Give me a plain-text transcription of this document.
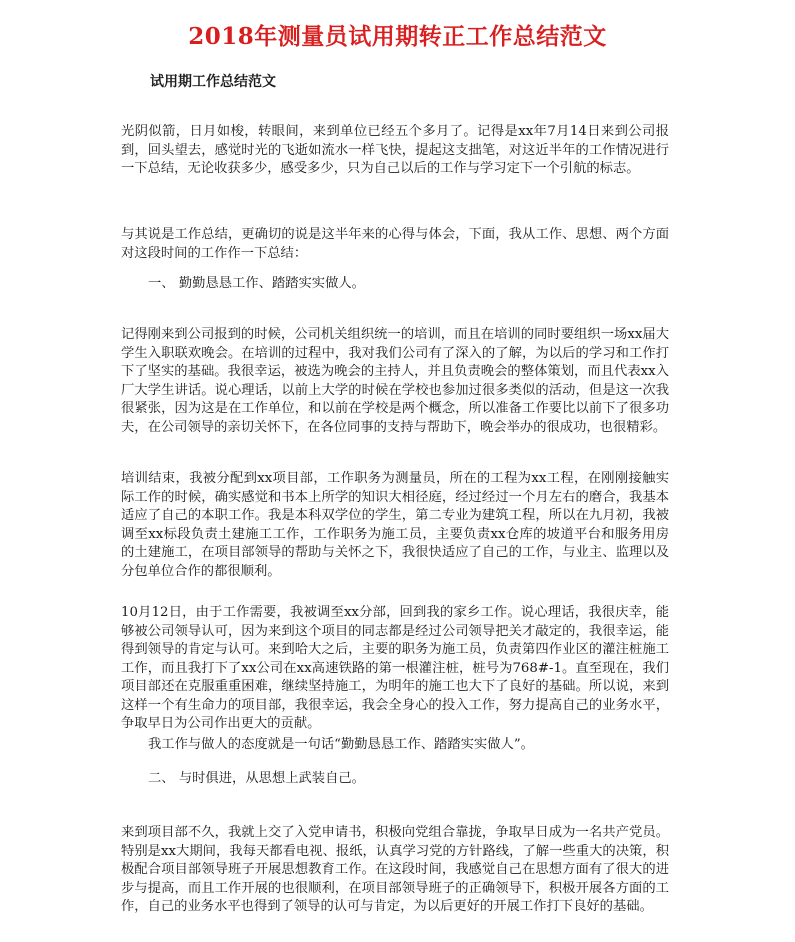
2018年测量员试用期转正工作总结范文
试用期工作总结范文

光阴似箭，日月如梭，转眼间，来到单位已经五个多月了。记得是xx年7月14日来到公司报到，回头望去，感觉时光的飞逝如流水一样飞快，提起这支拙笔，对这近半年的工作情况进行一下总结，无论收获多少，感受多少，只为自己以后的工作与学习定下一个引航的标志。

与其说是工作总结，更确切的说是这半年来的心得与体会，下面，我从工作、思想、两个方面对这段时间的工作作一下总结：

一、 勤勤恳恳工作、踏踏实实做人。

记得刚来到公司报到的时候，公司机关组织统一的培训，而且在培训的同时要组织一场xx届大学生入职联欢晚会。在培训的过程中，我对我们公司有了深入的了解，为以后的学习和工作打下了坚实的基础。我很幸运，被选为晚会的主持人，并且负责晚会的整体策划，而且代表xx入厂大学生讲话。说心理话，以前上大学的时候在学校也参加过很多类似的活动，但是这一次我很紧张，因为这是在工作单位，和以前在学校是两个概念，所以准备工作要比以前下了很多功夫，在公司领导的亲切关怀下，在各位同事的支持与帮助下，晚会举办的很成功，也很精彩。

培训结束，我被分配到xx项目部，工作职务为测量员，所在的工程为xx工程，在刚刚接触实际工作的时候，确实感觉和书本上所学的知识大相径庭，经过经过一个月左右的磨合，我基本适应了自己的本职工作。我是本科双学位的学生，第二专业为建筑工程，所以在九月初，我被调至xx标段负责土建施工工作，工作职务为施工员，主要负责xx仓库的坡道平台和服务用房的土建施工，在项目部领导的帮助与关怀之下，我很快适应了自己的工作，与业主、监理以及分包单位合作的都很顺利。

10月12日，由于工作需要，我被调至xx分部，回到我的家乡工作。说心理话，我很庆幸，能够被公司领导认可，因为来到这个项目的同志都是经过公司领导把关才敲定的，我很幸运，能得到领导的肯定与认可。来到哈大之后，主要的职务为施工员，负责第四作业区的灌注桩施工工作，而且我打下了xx公司在xx高速铁路的第一根灌注桩，桩号为768#-1。直至现在，我们项目部还在克服重重困难，继续坚持施工，为明年的施工也大下了良好的基础。所以说，来到这样一个有生命力的项目部，我很幸运，我会全身心的投入工作，努力提高自己的业务水平，争取早日为公司作出更大的贡献。

我工作与做人的态度就是一句话“勤勤恳恳工作、踏踏实实做人”。

二、 与时俱进，从思想上武装自己。

来到项目部不久，我就上交了入党申请书，积极向党组合靠拢，争取早日成为一名共产党员。特别是xx大期间，我每天都看电视、报纸，认真学习党的方针路线，了解一些重大的决策，积极配合项目部领导班子开展思想教育工作。在这段时间，我感觉自己在思想方面有了很大的进步与提高，而且工作开展的也很顺利，在项目部领导班子的正确领导下，积极开展各方面的工作，自己的业务水平也得到了领导的认可与肯定，为以后更好的开展工作打下良好的基础。
